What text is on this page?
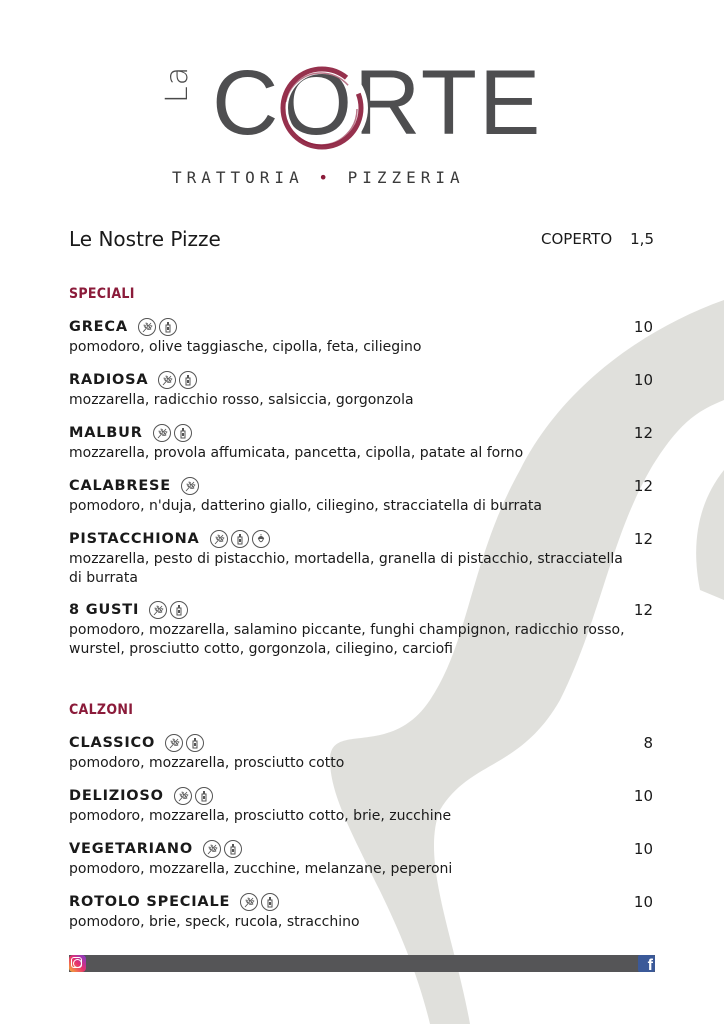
La CORTE
TRATTORIA • PIZZERIA
Le Nostre Pizze	COPERTO 1,5
SPECIALI
GRECA	10
pomodoro, olive taggiasche, cipolla, feta, ciliegino
RADIOSA	10
mozzarella, radicchio rosso, salsiccia, gorgonzola
MALBUR	12
mozzarella, provola affumicata, pancetta, cipolla, patate al forno
CALABRESE	12
pomodoro, n'duja, datterino giallo, ciliegino, stracciatella di burrata
PISTACCHIONA	12
mozzarella, pesto di pistacchio, mortadella, granella di pistacchio, stracciatella di burrata
8 GUSTI	12
pomodoro, mozzarella, salamino piccante, funghi champignon, radicchio rosso, wurstel, prosciutto cotto, gorgonzola, ciliegino, carciofi
CALZONI
CLASSICO	8
pomodoro, mozzarella, prosciutto cotto
DELIZIOSO	10
pomodoro, mozzarella, prosciutto cotto, brie, zucchine
VEGETARIANO	10
pomodoro, mozzarella, zucchine, melanzane, peperoni
ROTOLO SPECIALE	10
pomodoro, brie, speck, rucola, stracchino
f
